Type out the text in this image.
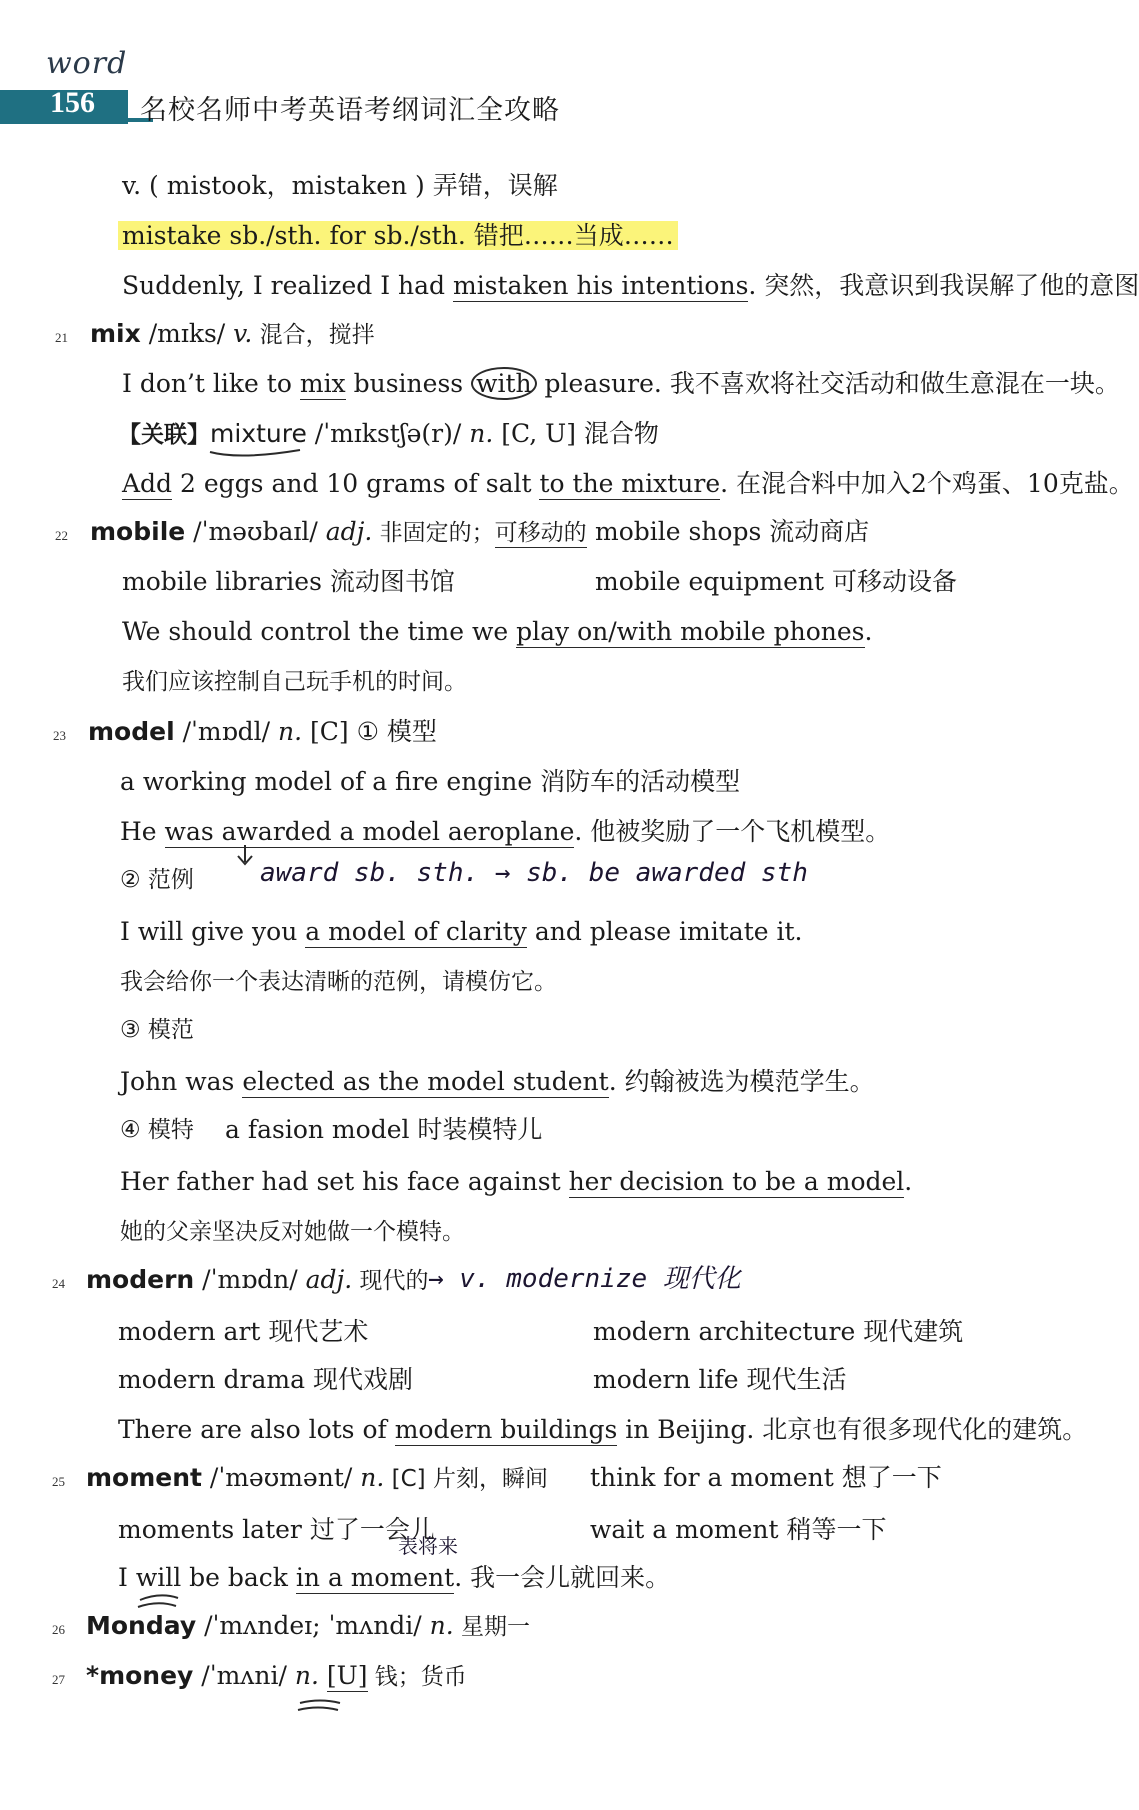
word
156 名校名师中考英语考纲词汇全攻略
v. ( mistook，mistaken ) 弄错，误解
mistake sb./sth. for sb./sth. 错把……当成……
Suddenly, I realized I had mistaken his intentions. 突然，我意识到我误解了他的意图
21 mix /mɪks/ v. 混合，搅拌
I don’t like to mix business with pleasure. 我不喜欢将社交活动和做生意混在一块。
【关联】mixture /ˈmɪkstʃə(r)/ n. [C, U] 混合物
Add 2 eggs and 10 grams of salt to the mixture. 在混合料中加入2个鸡蛋、10克盐。
22 mobile /ˈməʊbaɪl/ adj. 非固定的；可移动的 mobile shops 流动商店
mobile libraries 流动图书馆	mobile equipment 可移动设备
We should control the time we play on/with mobile phones.
我们应该控制自己玩手机的时间。
23 model /ˈmɒdl/ n. [C] ① 模型
a working model of a fire engine 消防车的活动模型
He was awarded a model aeroplane. 他被奖励了一个飞机模型。
② 范例	award sb. sth. → sb. be awarded sth
I will give you a model of clarity and please imitate it.
我会给你一个表达清晰的范例，请模仿它。
③ 模范
John was elected as the model student. 约翰被选为模范学生。
④ 模特 a fasion model 时装模特儿
Her father had set his face against her decision to be a model.
她的父亲坚决反对她做一个模特。
24 modern /ˈmɒdn/ adj. 现代的 → v. modernize 现代化
modern art 现代艺术	modern architecture 现代建筑
modern drama 现代戏剧	modern life 现代生活
There are also lots of modern buildings in Beijing. 北京也有很多现代化的建筑。
25 moment /ˈməʊmənt/ n. [C] 片刻，瞬间 think for a moment 想了一下
moments later 过了一会儿	wait a moment 稍等一下
表将来
I will be back in a moment. 我一会儿就回来。
26 Monday /ˈmʌndeɪ; ˈmʌndi/ n. 星期一
27 *money /ˈmʌni/ n. [U] 钱；货币
